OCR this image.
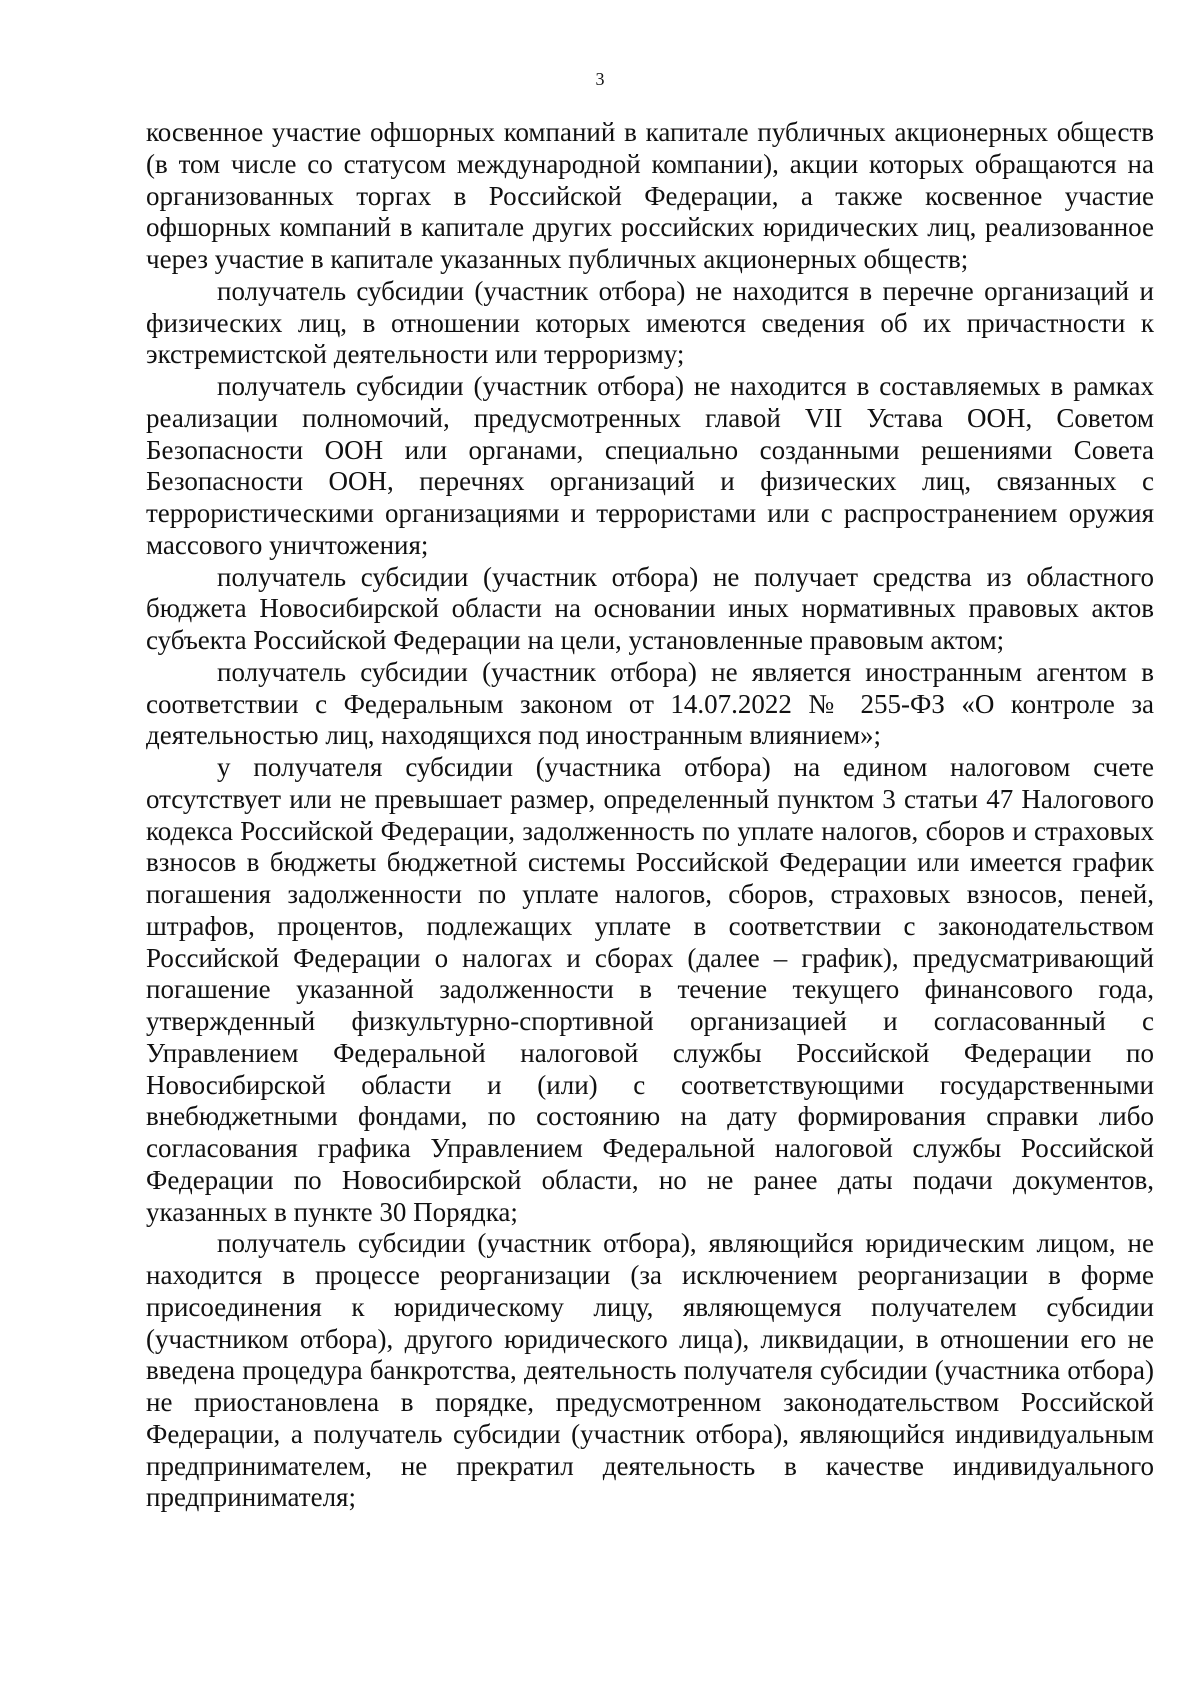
3

косвенное участие офшорных компаний в капитале публичных акционерных обществ (в том числе со статусом международной компании), акции которых обращаются на организованных торгах в Российской Федерации, а также косвенное участие офшорных компаний в капитале других российских юридических лиц, реализованное через участие в капитале указанных публичных акционерных обществ;

получатель субсидии (участник отбора) не находится в перечне организаций и физических лиц, в отношении которых имеются сведения об их причастности к экстремистской деятельности или терроризму;

получатель субсидии (участник отбора) не находится в составляемых в рамках реализации полномочий, предусмотренных главой VII Устава ООН, Советом Безопасности ООН или органами, специально созданными решениями Совета Безопасности ООН, перечнях организаций и физических лиц, связанных с террористическими организациями и террористами или с распространением оружия массового уничтожения;

получатель субсидии (участник отбора) не получает средства из областного бюджета Новосибирской области на основании иных нормативных правовых актов субъекта Российской Федерации на цели, установленные правовым актом;

получатель субсидии (участник отбора) не является иностранным агентом в соответствии с Федеральным законом от 14.07.2022 № 255-ФЗ «О контроле за деятельностью лиц, находящихся под иностранным влиянием»;

у получателя субсидии (участника отбора) на едином налоговом счете отсутствует или не превышает размер, определенный пунктом 3 статьи 47 Налогового кодекса Российской Федерации, задолженность по уплате налогов, сборов и страховых взносов в бюджеты бюджетной системы Российской Федерации или имеется график погашения задолженности по уплате налогов, сборов, страховых взносов, пеней, штрафов, процентов, подлежащих уплате в соответствии с законодательством Российской Федерации о налогах и сборах (далее – график), предусматривающий погашение указанной задолженности в течение текущего финансового года, утвержденный физкультурно-спортивной организацией и согласованный с Управлением Федеральной налоговой службы Российской Федерации по Новосибирской области и (или) с соответствующими государственными внебюджетными фондами, по состоянию на дату формирования справки либо согласования графика Управлением Федеральной налоговой службы Российской Федерации по Новосибирской области, но не ранее даты подачи документов, указанных в пункте 30 Порядка;

получатель субсидии (участник отбора), являющийся юридическим лицом, не находится в процессе реорганизации (за исключением реорганизации в форме присоединения к юридическому лицу, являющемуся получателем субсидии (участником отбора), другого юридического лица), ликвидации, в отношении его не введена процедура банкротства, деятельность получателя субсидии (участника отбора) не приостановлена в порядке, предусмотренном законодательством Российской Федерации, а получатель субсидии (участник отбора), являющийся индивидуальным предпринимателем, не прекратил деятельность в качестве индивидуального предпринимателя;
